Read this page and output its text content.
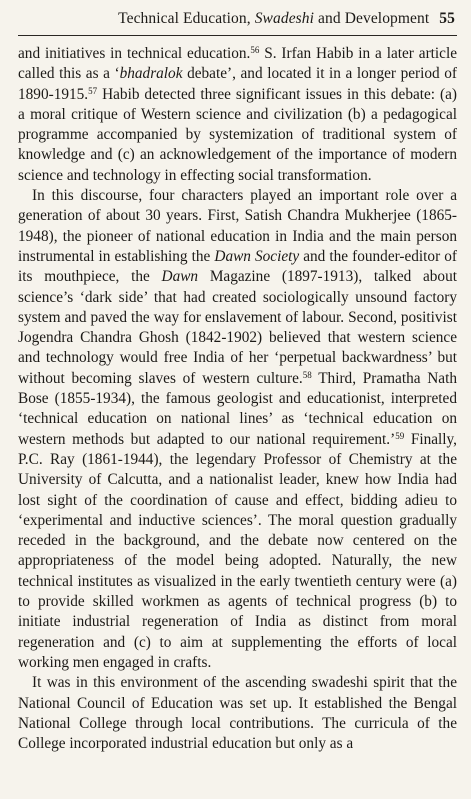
Technical Education, Swadeshi and Development 55

and initiatives in technical education.$^{56}$ S. Irfan Habib in a later article called this as a ‘bhadralok debate’, and located it in a longer period of 1890-1915.57 Habib detected three significant issues in this debate: (a) a moral critique of Western science and civilization (b) a pedagogical programme accompanied by systemization of traditional system of knowledge and (c) an acknowledgement of the importance of modern science and technology in effecting social transformation.

In this discourse, four characters played an important role over a generation of about 30 years. First, Satish Chandra Mukherjee (1865-1948), the pioneer of national education in India and the main person instrumental in establishing the Dawn Society and the founder-editor of its mouthpiece, the Dawn Magazine (1897-1913), talked about science’s ‘dark side’ that had created sociologically unsound factory system and paved the way for enslavement of labour. Second, positivist Jogendra Chandra Ghosh (1842-1902) believed that western science and technology would free India of her ‘perpetual backwardness’ but without becoming slaves of western culture.$^{58}$ Third, Pramatha Nath Bose (1855-1934), the famous geologist and educationist, interpreted ‘technical education on national lines’ as ‘technical education on western methods but adapted to our national requirement.’$^{59}$ Finally, P.C. Ray (1861-1944), the legendary Professor of Chemistry at the University of Calcutta, and a nationalist leader, knew how India had lost sight of the coordination of cause and effect, bidding adieu to ‘experimental and inductive sciences’. The moral question gradually receded in the background, and the debate now centered on the appropriateness of the model being adopted. Naturally, the new technical institutes as visualized in the early twentieth century were (a) to provide skilled workmen as agents of technical progress (b) to initiate industrial regeneration of India as distinct from moral regeneration and (c) to aim at supplementing the efforts of local working men engaged in crafts.

It was in this environment of the ascending swadeshi spirit that the National Council of Education was set up. It established the Bengal National College through local contributions. The curricula of the College incorporated industrial education but only as a
